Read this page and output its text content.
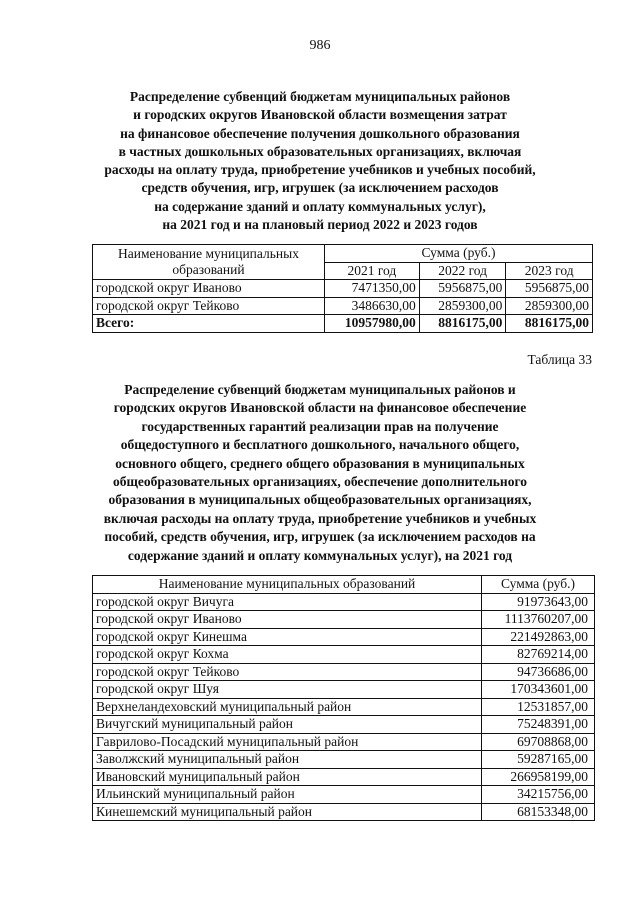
986
Распределение субвенций бюджетам муниципальных районов
и городских округов Ивановской области возмещения затрат
на финансовое обеспечение получения дошкольного образования
в частных дошкольных образовательных организациях, включая
расходы на оплату труда, приобретение учебников и учебных пособий,
средств обучения, игр, игрушек (за исключением расходов
на содержание зданий и оплату коммунальных услуг),
на 2021 год и на плановый период 2022 и 2023 годов
Наименование муниципальных
образований	Сумма (руб.)		
	2021 год	2022 год	2023 год
городской округ Иваново	7471350,00	5956875,00	5956875,00
городской округ Тейково	3486630,00	2859300,00	2859300,00
Всего:	10957980,00	8816175,00	8816175,00
Таблица 33
Распределение субвенций бюджетам муниципальных районов и
городских округов Ивановской области на финансовое обеспечение
государственных гарантий реализации прав на получение
общедоступного и бесплатного дошкольного, начального общего,
основного общего, среднего общего образования в муниципальных
общеобразовательных организациях, обеспечение дополнительного
образования в муниципальных общеобразовательных организациях,
включая расходы на оплату труда, приобретение учебников и учебных
пособий, средств обучения, игр, игрушек (за исключением расходов на
содержание зданий и оплату коммунальных услуг), на 2021 год
Наименование муниципальных образований	Сумма (руб.)
городской округ Вичуга	91973643,00
городской округ Иваново	1113760207,00
городской округ Кинешма	221492863,00
городской округ Кохма	82769214,00
городской округ Тейково	94736686,00
городской округ Шуя	170343601,00
Верхнеландеховский муниципальный район	12531857,00
Вичугский муниципальный район	75248391,00
Гаврилово-Посадский муниципальный район	69708868,00
Заволжский муниципальный район	59287165,00
Ивановский муниципальный район	266958199,00
Ильинский муниципальный район	34215756,00
Кинешемский муниципальный район	68153348,00
